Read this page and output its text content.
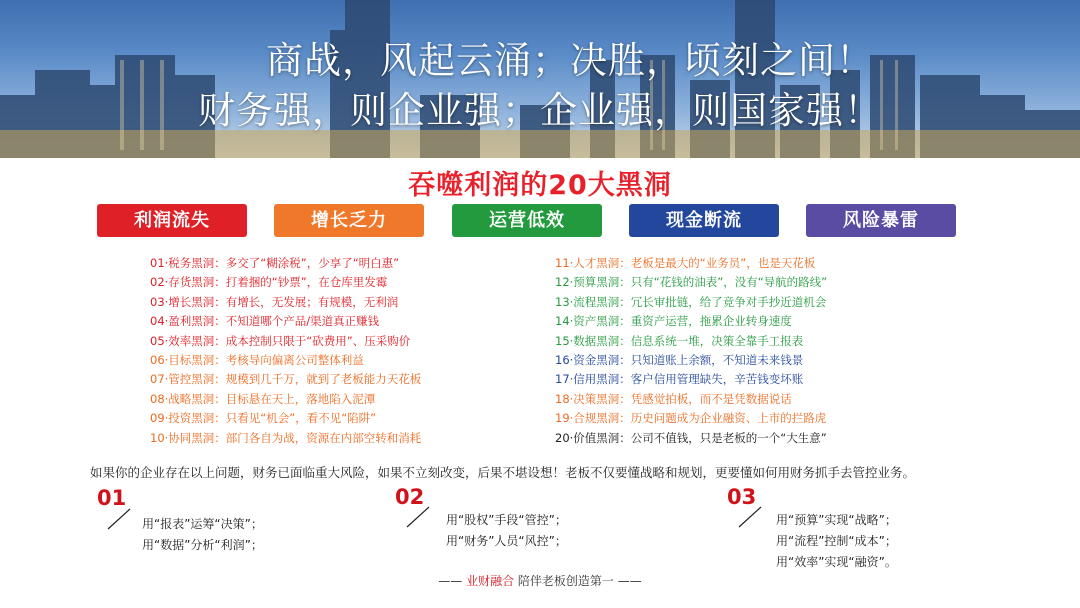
商战，风起云涌；决胜，顷刻之间！
财务强，则企业强；企业强，则国家强！
吞噬利润的20大黑洞
利润流失	增长乏力	运营低效	现金断流	风险暴雷
01·税务黑洞：多交了“糊涂税”，少享了“明白惠”
02·存货黑洞：打着捆的“钞票”，在仓库里发霉
03·增长黑洞：有增长，无发展；有规模，无利润
04·盈利黑洞：不知道哪个产品/渠道真正赚钱
05·效率黑洞：成本控制只限于“砍费用”、压采购价
06·目标黑洞：考核导向偏离公司整体利益
07·管控黑洞：规模到几千万，就到了老板能力天花板
08·战略黑洞：目标悬在天上，落地陷入泥潭
09·投资黑洞：只看见“机会”，看不见“陷阱”
10·协同黑洞：部门各自为战，资源在内部空转和消耗
11·人才黑洞：老板是最大的“业务员”，也是天花板
12·预算黑洞：只有“花钱的油表”，没有“导航的路线”
13·流程黑洞：冗长审批链，给了竞争对手抄近道机会
14·资产黑洞：重资产运营，拖累企业转身速度
15·数据黑洞：信息系统一堆，决策全靠手工报表
16·资金黑洞：只知道账上余额，不知道未来钱景
17·信用黑洞：客户信用管理缺失，辛苦钱变坏账
18·决策黑洞：凭感觉拍板，而不是凭数据说话
19·合规黑洞：历史问题成为企业融资、上市的拦路虎
20·价值黑洞：公司不值钱，只是老板的一个“大生意”
如果你的企业存在以上问题，财务已面临重大风险，如果不立刻改变，后果不堪设想！老板不仅要懂战略和规划，更要懂如何用财务抓手去管控业务。
01
用“报表”运筹“决策”；
用“数据”分析“利润”；
02
用“股权”手段“管控”；
用“财务”人员“风控”；
03
用“预算”实现“战略”；
用“流程”控制“成本”；
用“效率”实现“融资”。
—— 业财融合 陪伴老板创造第一 ——
